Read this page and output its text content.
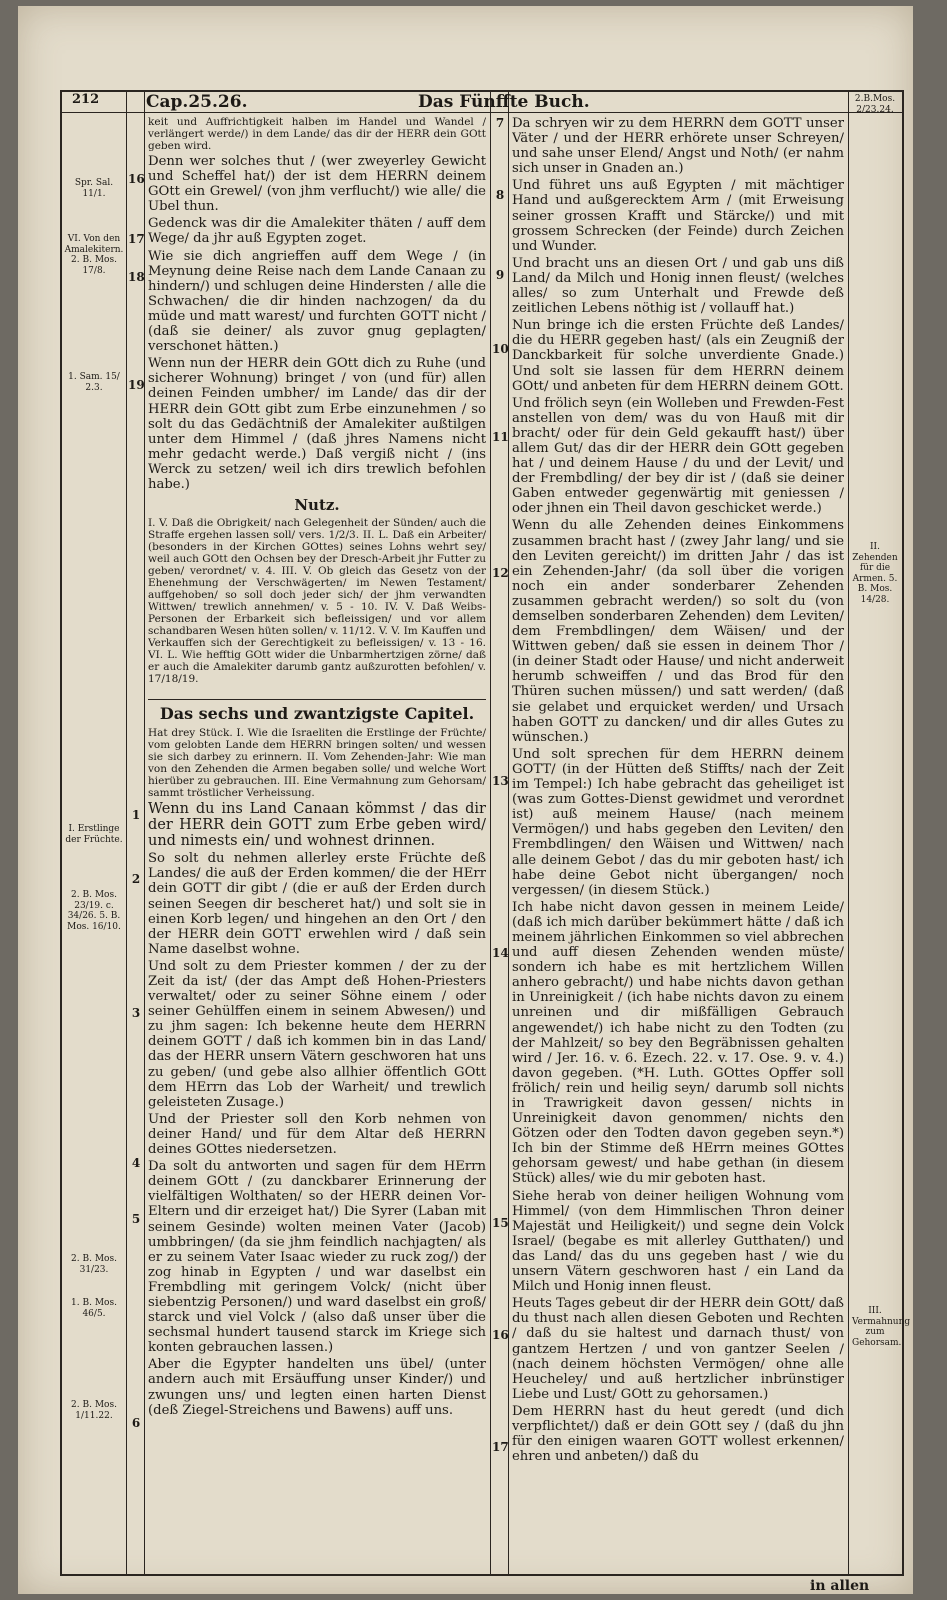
212	Cap.25.26.	Das Fünffte Buch.	2.B.Mos. 2/23.24.
Spr. Sal. 11/1.
VI. Von den Amalekitern. 2. B. Mos. 17/8.
1. Sam. 15/ 2.3.
I. Erstlinge der Früchte.
2. B. Mos. 23/19. c. 34/26. 5. B. Mos. 16/10.
2. B. Mos. 31/23.
1. B. Mos. 46/5.
2. B. Mos. 1/11.22.
II. Zehenden für die Armen. 5. B. Mos. 14/28.
III. Vermahnung zum Gehorsam.
16
17
18
19
1
2
3
4
5
6
7
8
9
10
11
12
13
14
15
16
17

keit und Auffrichtigkeit halben im Handel und Wandel / verlängert werde/) in dem Lande/ das dir der HERR dein GOtt geben wird.

Denn wer solches thut / (wer zweyerley Gewicht und Scheffel hat/) der ist dem HERRN deinem GOtt ein Grewel/ (von jhm verflucht/) wie alle/ die Ubel thun.

Gedenck was dir die Amalekiter thäten / auff dem Wege/ da jhr auß Egypten zoget.

Wie sie dich angrieffen auff dem Wege / (in Meynung deine Reise nach dem Lande Canaan zu hindern/) und schlugen deine Hindersten / alle die Schwachen/ die dir hinden nachzogen/ da du müde und matt warest/ und furchten GOTT nicht / (daß sie deiner/ als zuvor gnug geplagten/ verschonet hätten.)

Wenn nun der HERR dein GOtt dich zu Ruhe (und sicherer Wohnung) bringet / von (und für) allen deinen Feinden umbher/ im Lande/ das dir der HERR dein GOtt gibt zum Erbe einzunehmen / so solt du das Gedächtniß der Amalekiter außtilgen unter dem Himmel / (daß jhres Namens nicht mehr gedacht werde.) Daß vergiß nicht / (ins Werck zu setzen/ weil ich dirs trewlich befohlen habe.)

Nutz.

I. V. Daß die Obrigkeit/ nach Gelegenheit der Sünden/ auch die Straffe ergehen lassen soll/ vers. 1/2/3. II. L. Daß ein Arbeiter/ (besonders in der Kirchen GOttes) seines Lohns wehrt sey/ weil auch GOtt den Ochsen bey der Dresch-Arbeit jhr Futter zu geben/ verordnet/ v. 4. III. V. Ob gleich das Gesetz von der Ehenehmung der Verschwägerten/ im Newen Testament/ auffgehoben/ so soll doch jeder sich/ der jhm verwandten Wittwen/ trewlich annehmen/ v. 5 - 10. IV. V. Daß Weibs-Personen der Erbarkeit sich befleissigen/ und vor allem schandbaren Wesen hüten sollen/ v. 11/12. V. V. Im Kauffen und Verkauffen sich der Gerechtigkeit zu befleissigen/ v. 13 - 16. VI. L. Wie hefftig GOtt wider die Unbarmhertzigen zörne/ daß er auch die Amalekiter darumb gantz außzurotten befohlen/ v. 17/18/19.

Das sechs und zwantzigste Capitel.

Hat drey Stück. I. Wie die Israeliten die Erstlinge der Früchte/ vom gelobten Lande dem HERRN bringen solten/ und wessen sie sich darbey zu erinnern. II. Vom Zehenden-Jahr: Wie man von den Zehenden die Armen begaben solle/ und welche Wort hierüber zu gebrauchen. III. Eine Vermahnung zum Gehorsam/ sammt tröstlicher Verheissung.

Wenn du ins Land Canaan kömmst / das dir der HERR dein GOTT zum Erbe geben wird/ und nimests ein/ und wohnest drinnen.

So solt du nehmen allerley erste Früchte deß Landes/ die auß der Erden kommen/ die der HErr dein GOTT dir gibt / (die er auß der Erden durch seinen Seegen dir bescheret hat/) und solt sie in einen Korb legen/ und hingehen an den Ort / den der HERR dein GOTT erwehlen wird / daß sein Name daselbst wohne.

Und solt zu dem Priester kommen / der zu der Zeit da ist/ (der das Ampt deß Hohen-Priesters verwaltet/ oder zu seiner Söhne einem / oder seiner Gehülffen einem in seinem Abwesen/) und zu jhm sagen: Ich bekenne heute dem HERRN deinem GOTT / daß ich kommen bin in das Land/ das der HERR unsern Vätern geschworen hat uns zu geben/ (und gebe also allhier öffentlich GOtt dem HErrn das Lob der Warheit/ und trewlich geleisteten Zusage.)

Und der Priester soll den Korb nehmen von deiner Hand/ und für dem Altar deß HERRN deines GOttes niedersetzen.

Da solt du antworten und sagen für dem HErrn deinem GOtt / (zu danckbarer Erinnerung der vielfältigen Wolthaten/ so der HERR deinen Vor-Eltern und dir erzeiget hat/) Die Syrer (Laban mit seinem Gesinde) wolten meinen Vater (Jacob) umbbringen/ (da sie jhm feindlich nachjagten/ als er zu seinem Vater Isaac wieder zu ruck zog/) der zog hinab in Egypten / und war daselbst ein Frembdling mit geringem Volck/ (nicht über siebentzig Personen/) und ward daselbst ein groß/ starck und viel Volck / (also daß unser über die sechsmal hundert tausend starck im Kriege sich konten gebrauchen lassen.)

Aber die Egypter handelten uns übel/ (unter andern auch mit Ersäuffung unser Kinder/) und zwungen uns/ und legten einen harten Dienst (deß Ziegel-Streichens und Bawens) auff uns.

Da schryen wir zu dem HERRN dem GOTT unser Väter / und der HERR erhörete unser Schreyen/ und sahe unser Elend/ Angst und Noth/ (er nahm sich unser in Gnaden an.)

Und führet uns auß Egypten / mit mächtiger Hand und außgerecktem Arm / (mit Erweisung seiner grossen Krafft und Stärcke/) und mit grossem Schrecken (der Feinde) durch Zeichen und Wunder.

Und bracht uns an diesen Ort / und gab uns diß Land/ da Milch und Honig innen fleust/ (welches alles/ so zum Unterhalt und Frewde deß zeitlichen Lebens nöthig ist / vollauff hat.)

Nun bringe ich die ersten Früchte deß Landes/ die du HERR gegeben hast/ (als ein Zeugniß der Danckbarkeit für solche unverdiente Gnade.) Und solt sie lassen für dem HERRN deinem GOtt/ und anbeten für dem HERRN deinem GOtt.

Und frölich seyn (ein Wolleben und Frewden-Fest anstellen von dem/ was du von Hauß mit dir bracht/ oder für dein Geld gekaufft hast/) über allem Gut/ das dir der HERR dein GOtt gegeben hat / und deinem Hause / du und der Levit/ und der Frembdling/ der bey dir ist / (daß sie deiner Gaben entweder gegenwärtig mit geniessen / oder jhnen ein Theil davon geschicket werde.)

Wenn du alle Zehenden deines Einkommens zusammen bracht hast / (zwey Jahr lang/ und sie den Leviten gereicht/) im dritten Jahr / das ist ein Zehenden-Jahr/ (da soll über die vorigen noch ein ander sonderbarer Zehenden zusammen gebracht werden/) so solt du (von demselben sonderbaren Zehenden) dem Leviten/ dem Frembdlingen/ dem Wäisen/ und der Wittwen geben/ daß sie essen in deinem Thor / (in deiner Stadt oder Hause/ und nicht anderweit herumb schweiffen / und das Brod für den Thüren suchen müssen/) und satt werden/ (daß sie gelabet und erquicket werden/ und Ursach haben GOTT zu dancken/ und dir alles Gutes zu wünschen.)

Und solt sprechen für dem HERRN deinem GOTT/ (in der Hütten deß Stiffts/ nach der Zeit im Tempel:) Ich habe gebracht das geheiliget ist (was zum Gottes-Dienst gewidmet und verordnet ist) auß meinem Hause/ (nach meinem Vermögen/) und habs gegeben den Leviten/ den Frembdlingen/ den Wäisen und Wittwen/ nach alle deinem Gebot / das du mir geboten hast/ ich habe deine Gebot nicht übergangen/ noch vergessen/ (in diesem Stück.)

Ich habe nicht davon gessen in meinem Leide/ (daß ich mich darüber bekümmert hätte / daß ich meinem jährlichen Einkommen so viel abbrechen und auff diesen Zehenden wenden müste/ sondern ich habe es mit hertzlichem Willen anhero gebracht/) und habe nichts davon gethan in Unreinigkeit / (ich habe nichts davon zu einem unreinen und dir mißfälligen Gebrauch angewendet/) ich habe nicht zu den Todten (zu der Mahlzeit/ so bey den Begräbnissen gehalten wird / Jer. 16. v. 6. Ezech. 22. v. 17. Ose. 9. v. 4.) davon gegeben. (*H. Luth. GOttes Opffer soll frölich/ rein und heilig seyn/ darumb soll nichts in Trawrigkeit davon gessen/ nichts in Unreinigkeit davon genommen/ nichts den Götzen oder den Todten davon gegeben seyn.*) Ich bin der Stimme deß HErrn meines GOttes gehorsam gewest/ und habe gethan (in diesem Stück) alles/ wie du mir geboten hast.

Siehe herab von deiner heiligen Wohnung vom Himmel/ (von dem Himmlischen Thron deiner Majestät und Heiligkeit/) und segne dein Volck Israel/ (begabe es mit allerley Gutthaten/) und das Land/ das du uns gegeben hast / wie du unsern Vätern geschworen hast / ein Land da Milch und Honig innen fleust.

Heuts Tages gebeut dir der HERR dein GOtt/ daß du thust nach allen diesen Geboten und Rechten / daß du sie haltest und darnach thust/ von gantzem Hertzen / und von gantzer Seelen / (nach deinem höchsten Vermögen/ ohne alle Heucheley/ und auß hertzlicher inbrünstiger Liebe und Lust/ GOtt zu gehorsamen.)

Dem HERRN hast du heut geredt (und dich verpflichtet/) daß er dein GOtt sey / (daß du jhn für den einigen waaren GOTT wollest erkennen/ ehren und anbeten/) daß du

in allen
